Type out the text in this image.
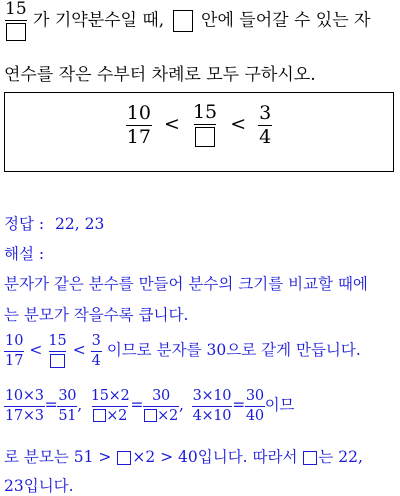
15
가 기약분수일 때, 안에 들어갈 수 있는 자
연수를 작은 수부터 차례로 모두 구하시오.
$\frac{10}{17}$ <
15
< $\frac{3}{4}$
정답 : 22, 23
해설 :
분자가 같은 분수를 만들어 분수의 크기를 비교할 때에
는 분모가 작을수록 큽니다.
$\frac{10}{17} < 15 < \frac{3}{4}$ 이므로 분자를 30으로 같게 만듭니다.
$\frac{10\times 3}{17\times 3} = \frac{30}{51}$ , $\frac{15\times 2}{\times 2} = \frac{30}{\times 2}$ , $\frac{3\times 10}{4\times 10} = \frac{30}{40}$ 이므
로 분모는 51 > ×2 > 40입니다. 따라서 는 22,
23입니다.
